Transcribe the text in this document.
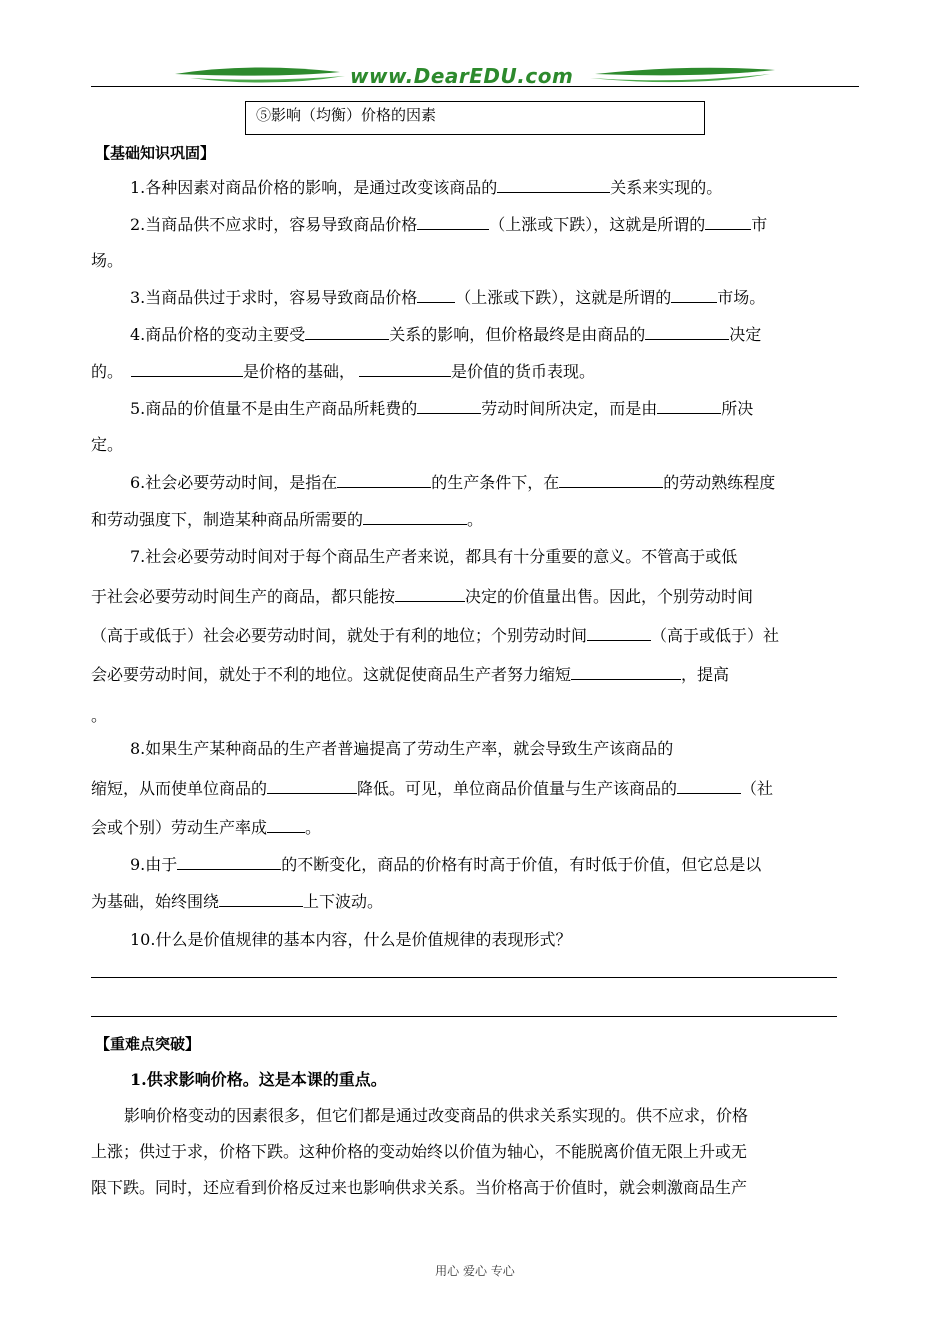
www.DearEDU.com
⑤影响（均衡）价格的因素
【基础知识巩固】
1.各种因素对商品价格的影响，是通过改变该商品的	关系来实现的。
2.当商品供不应求时，容易导致商品价格	（上涨或下跌），这就是所谓的	市
场。
3.当商品供过于求时，容易导致商品价格 （上涨或下跌），这就是所谓的	市场。
4.商品价格的变动主要受	关系的影响，但价格最终是由商品的	决定
的。	是价格的基础，	是价值的货币表现。
5.商品的价值量不是由生产商品所耗费的	劳动时间所决定，而是由	所决
定。
6.社会必要劳动时间，是指在	的生产条件下，在	的劳动熟练程度
和劳动强度下，制造某种商品所需要的	。
7.社会必要劳动时间对于每个商品生产者来说，都具有十分重要的意义。不管高于或低
于社会必要劳动时间生产的商品，都只能按	决定的价值量出售。因此，个别劳动时间
（高于或低于）社会必要劳动时间，就处于有利的地位；个别劳动时间	（高于或低于）社
会必要劳动时间，就处于不利的地位。这就促使商品生产者努力缩短	，提高
。
8.如果生产某种商品的生产者普遍提高了劳动生产率，就会导致生产该商品的
缩短，从而使单位商品的	降低。可见，单位商品价值量与生产该商品的	（社
会或个别）劳动生产率成 。
9.由于	的不断变化，商品的价格有时高于价值，有时低于价值，但它总是以
为基础，始终围绕	上下波动。
10.什么是价值规律的基本内容，什么是价值规律的表现形式？
【重难点突破】
1.供求影响价格。这是本课的重点。
影响价格变动的因素很多，但它们都是通过改变商品的供求关系实现的。供不应求，价格
上涨；供过于求，价格下跌。这种价格的变动始终以价值为轴心，不能脱离价值无限上升或无
限下跌。同时，还应看到价格反过来也影响供求关系。当价格高于价值时，就会刺激商品生产
用心 爱心 专心
